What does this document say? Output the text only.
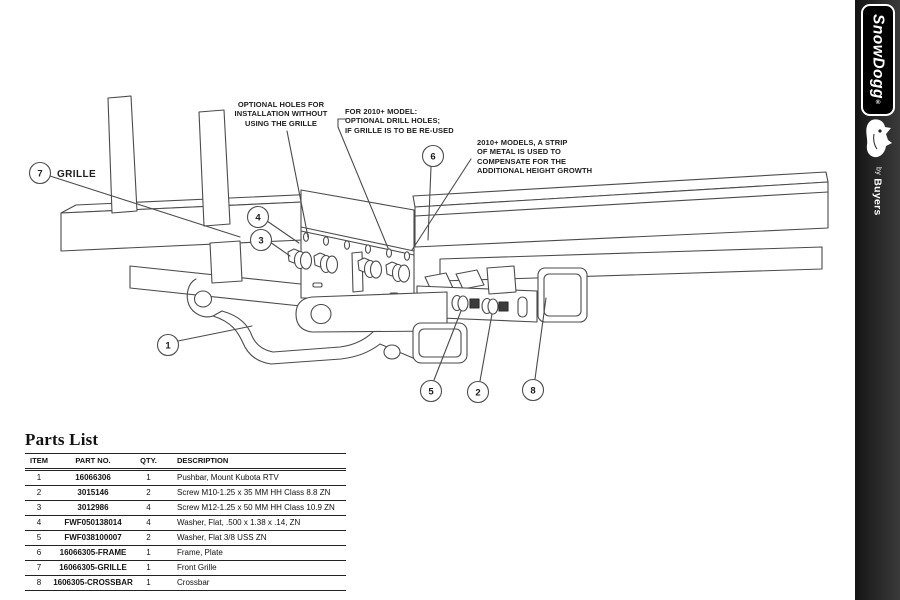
7 GRILLE
4
3
6
1
5	2	8
OPTIONAL HOLES FOR
INSTALLATION WITHOUT
USING THE GRILLE
FOR 2010+ MODEL:
OPTIONAL DRILL HOLES;
IF GRILLE IS TO BE RE-USED
2010+ MODELS, A STRIP
OF METAL IS USED TO
COMPENSATE FOR THE
ADDITIONAL HEIGHT GROWTH
Parts List
ITEM	PART NO.	QTY.	DESCRIPTION
1	16066306	1	Pushbar, Mount Kubota RTV
2	3015146	2	Screw M10-1.25 x 35 MM HH Class 8.8 ZN
3	3012986	4	Screw M12-1.25 x 50 MM HH Class 10.9 ZN
4	FWF050138014	4	Washer, Flat, .500 x 1.38 x .14, ZN
5	FWF038100007	2	Washer, Flat 3/8 USS ZN
6	16066305-FRAME	1	Frame, Plate
7	16066305-GRILLE	1	Front Grille
8	1606305-CROSSBAR	1	Crossbar
SnowDogg®
by Buyers
